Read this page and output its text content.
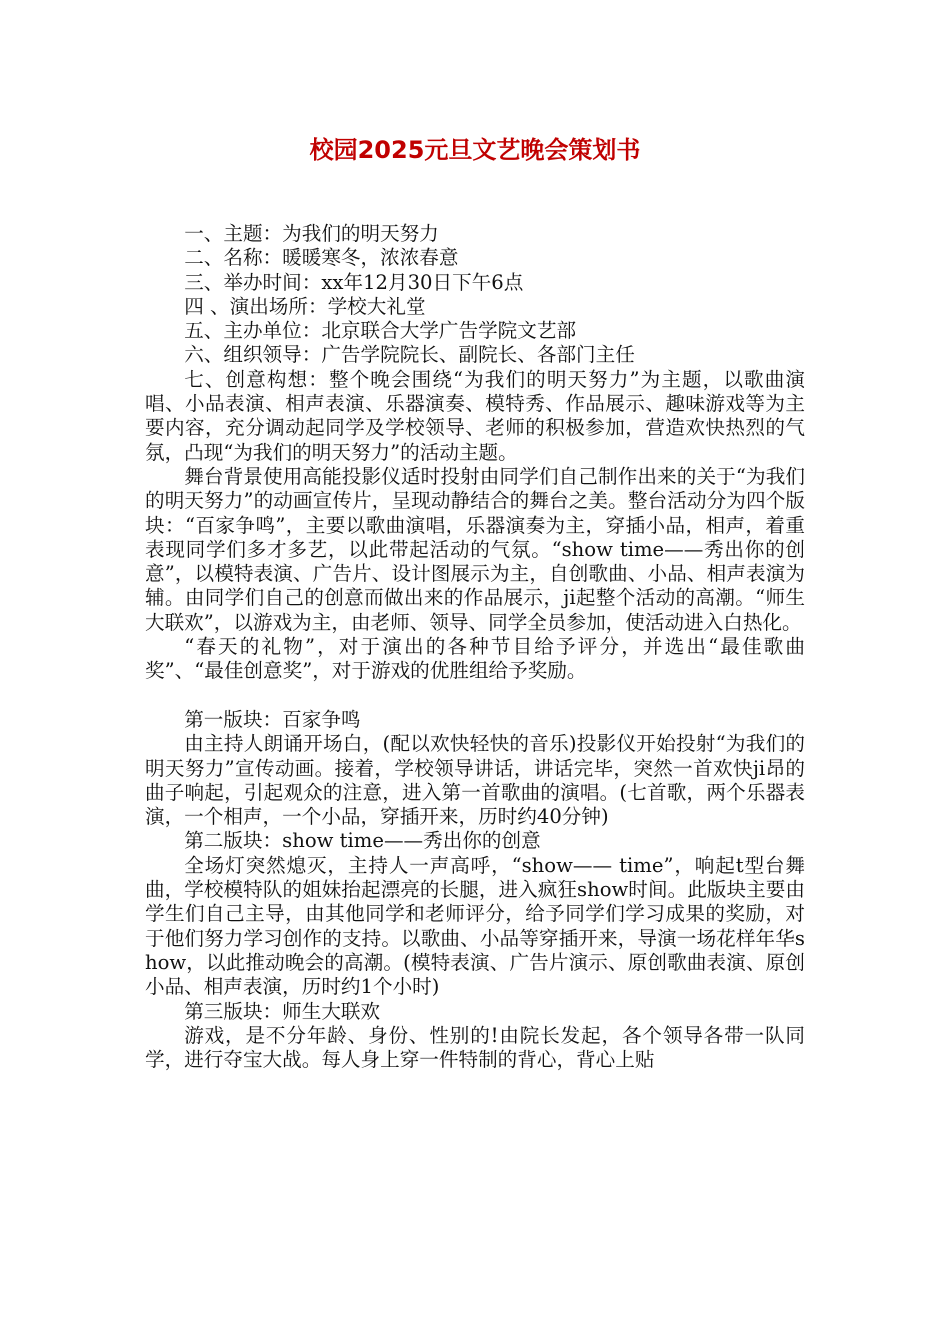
校园2025元旦文艺晚会策划书

一、主题：为我们的明天努力

二、名称：暖暖寒冬，浓浓春意

三、举办时间：xx年12月30日下午6点

四 、演出场所：学校大礼堂

五、主办单位：北京联合大学广告学院文艺部

六、组织领导：广告学院院长、副院长、各部门主任

七、创意构想：整个晚会围绕“为我们的明天努力”为主题，以歌曲演唱、小品表演、相声表演、乐器演奏、模特秀、作品展示、趣味游戏等为主要内容，充分调动起同学及学校领导、老师的积极参加，营造欢快热烈的气氛，凸现“为我们的明天努力”的活动主题。

舞台背景使用高能投影仪适时投射由同学们自己制作出来的关于“为我们的明天努力”的动画宣传片，呈现动静结合的舞台之美。整台活动分为四个版块：“百家争鸣”，主要以歌曲演唱，乐器演奏为主，穿插小品，相声，着重表现同学们多才多艺，以此带起活动的气氛。“show time——秀出你的创意”，以模特表演、广告片、设计图展示为主，自创歌曲、小品、相声表演为辅。由同学们自己的创意而做出来的作品展示，ji起整个活动的高潮。“师生大联欢”，以游戏为主，由老师、领导、同学全员参加，使活动进入白热化。

“春天的礼物”，对于演出的各种节目给予评分，并选出“最佳歌曲奖”、“最佳创意奖”，对于游戏的优胜组给予奖励。

第一版块：百家争鸣

由主持人朗诵开场白，(配以欢快轻快的音乐)投影仪开始投射“为我们的明天努力”宣传动画。接着，学校领导讲话，讲话完毕，突然一首欢快ji昂的曲子响起，引起观众的注意，进入第一首歌曲的演唱。(七首歌，两个乐器表演，一个相声，一个小品，穿插开来，历时约40分钟)

第二版块：show time——秀出你的创意

全场灯突然熄灭，主持人一声高呼，“show—— time”，响起t型台舞曲，学校模特队的姐妹抬起漂亮的长腿，进入疯狂show时间。此版块主要由学生们自己主导，由其他同学和老师评分，给予同学们学习成果的奖励，对于他们努力学习创作的支持。以歌曲、小品等穿插开来，导演一场花样年华show，以此推动晚会的高潮。(模特表演、广告片演示、原创歌曲表演、原创小品、相声表演，历时约1个小时)

第三版块：师生大联欢

游戏，是不分年龄、身份、性别的!由院长发起，各个领导各带一队同学，进行夺宝大战。每人身上穿一件特制的背心，背心上贴
